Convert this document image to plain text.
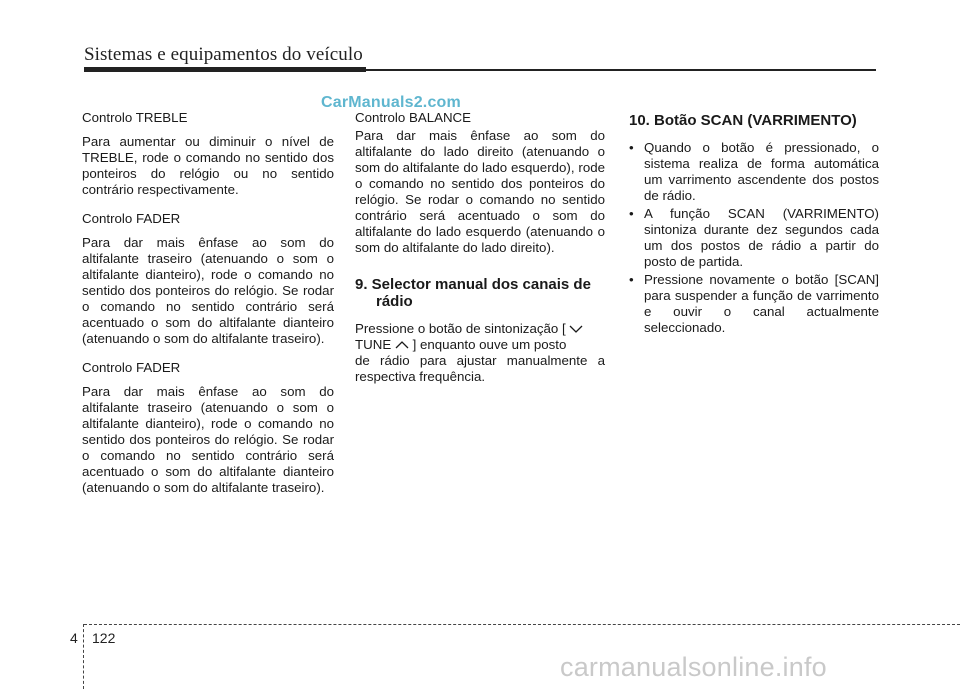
Sistemas e equipamentos do veículo
CarManuals2.com

Controlo TREBLE

Para aumentar ou diminuir o nível de TREBLE, rode o comando no sentido dos ponteiros do relógio ou no sentido contrário respectivamente.

Controlo FADER

Para dar mais ênfase ao som do altifalante traseiro (atenuando o som o altifalante dianteiro), rode o comando no sentido dos ponteiros do relógio. Se rodar o comando no sentido contrário será acentuado o som do altifalante dianteiro (atenuando o som do altifalante traseiro).

Controlo FADER

Para dar mais ênfase ao som do altifalante traseiro (atenuando o som o altifalante dianteiro), rode o comando no sentido dos ponteiros do relógio. Se rodar o comando no sentido contrário será acentuado o som do altifalante dianteiro (atenuando o som do altifalante traseiro).

Controlo BALANCE

Para dar mais ênfase ao som do altifalante do lado direito (atenuando o som do altifalante do lado esquerdo), rode o comando no sentido dos ponteiros do relógio. Se rodar o comando no sentido contrário será acentuado o som do altifalante do lado esquerdo (atenuando o som do altifalante do lado direito).

9. Selector manual dos canais de rádio

Pressione o botão de sintonização [

TUNE ] enquanto ouve um posto
de rádio para ajustar manualmente a respectiva frequência.

10. Botão SCAN (VARRIMENTO)
• Quando o botão é pressionado, o sistema realiza de forma automática um varrimento ascendente dos postos de rádio.
• A função SCAN (VARRIMENTO) sintoniza durante dez segundos cada um dos postos de rádio a partir do posto de partida.
• Pressione novamente o botão [SCAN] para suspender a função de varrimento e ouvir o canal actualmente seleccionado.
4 122
carmanualsonline.info
